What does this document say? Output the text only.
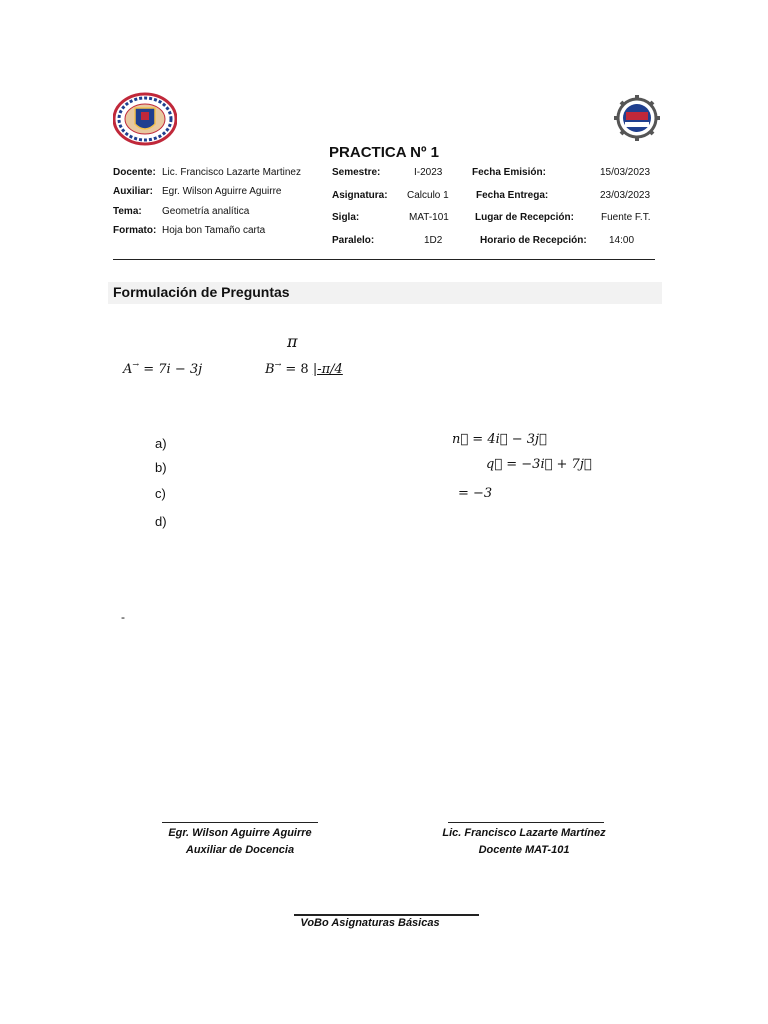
PRACTICA Nº 1
Docente: Lic. Francisco Lazarte Martinez
Auxiliar: Egr. Wilson Aguirre Aguirre
Tema: Geometría analítica
Formato: Hoja bon Tamaño carta
Semestre:	I-2023
Asignatura: Calculo 1
Sigla:	MAT-101
Paralelo:	1D2
Fecha Emisión:	15/03/2023
Fecha Entrega:	23/03/2023
Lugar de Recepción:	Fuente F.T.
Horario de Recepción: 14:00
Formulación de Preguntas
π
A→ = 7i − 3j	B→ = 8 |-π/4
a)
b)
c)
d)
n⃗ = 4i⃗ − 3j⃗
q⃗ = −3i⃗ + 7j⃗
= −3
-
Egr. Wilson Aguirre Aguirre
Auxiliar de Docencia
Lic. Francisco Lazarte Martínez
Docente MAT-101
VoBo Asignaturas Básicas
